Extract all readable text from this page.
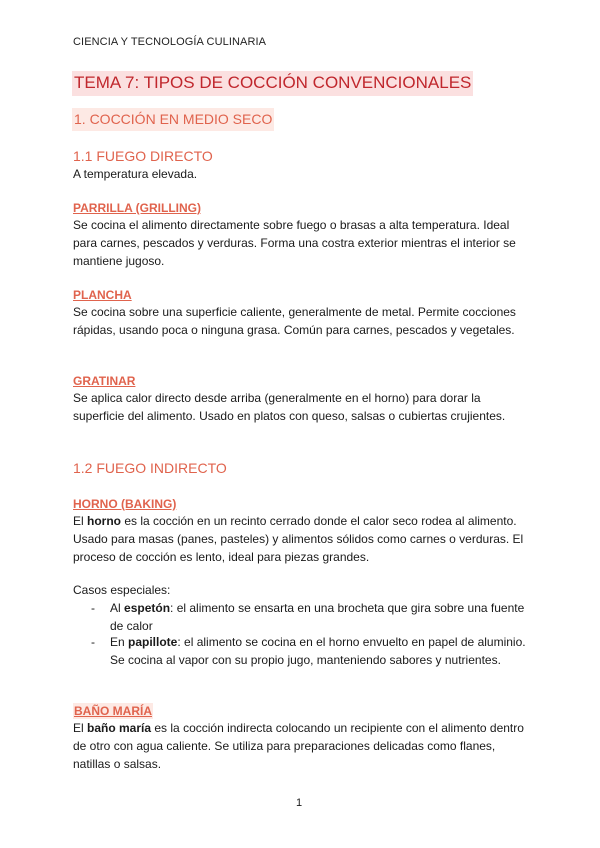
CIENCIA Y TECNOLOGÍA CULINARIA
TEMA 7: TIPOS DE COCCIÓN CONVENCIONALES
1. COCCIÓN EN MEDIO SECO
1.1 FUEGO DIRECTO
A temperatura elevada.
PARRILLA (GRILLING)
Se cocina el alimento directamente sobre fuego o brasas a alta temperatura. Ideal para carnes, pescados y verduras. Forma una costra exterior mientras el interior se mantiene jugoso.
PLANCHA
Se cocina sobre una superficie caliente, generalmente de metal. Permite cocciones rápidas, usando poca o ninguna grasa. Común para carnes, pescados y vegetales.
GRATINAR
Se aplica calor directo desde arriba (generalmente en el horno) para dorar la superficie del alimento. Usado en platos con queso, salsas o cubiertas crujientes.
1.2 FUEGO INDIRECTO
HORNO (BAKING)
El horno es la cocción en un recinto cerrado donde el calor seco rodea al alimento. Usado para masas (panes, pasteles) y alimentos sólidos como carnes o verduras. El proceso de cocción es lento, ideal para piezas grandes.
Casos especiales:
- Al espetón: el alimento se ensarta en una brocheta que gira sobre una fuente de calor
- En papillote: el alimento se cocina en el horno envuelto en papel de aluminio. Se cocina al vapor con su propio jugo, manteniendo sabores y nutrientes.
BAÑO MARÍA
El baño maría es la cocción indirecta colocando un recipiente con el alimento dentro de otro con agua caliente. Se utiliza para preparaciones delicadas como flanes, natillas o salsas.
1
